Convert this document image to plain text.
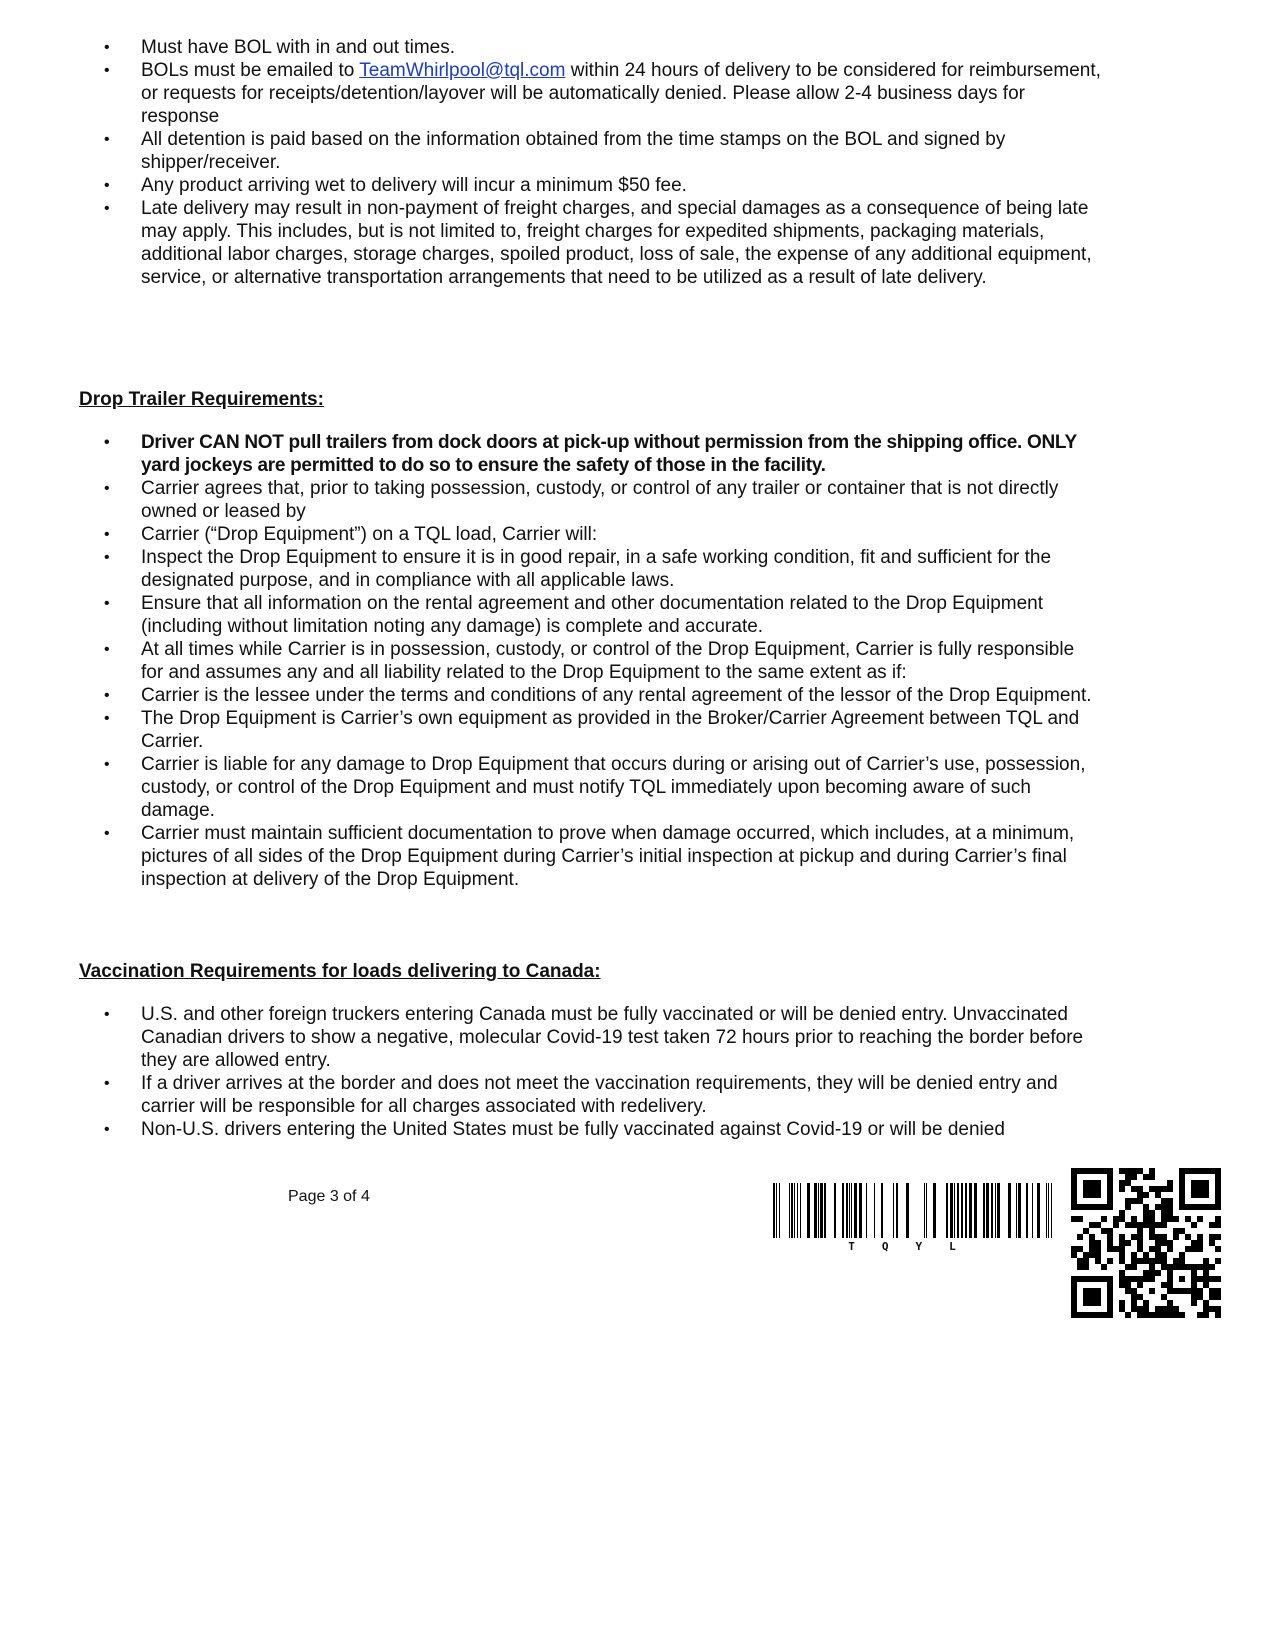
• Must have BOL with in and out times.
• BOLs must be emailed to TeamWhirlpool@tql.com within 24 hours of delivery to be considered for reimbursement, or requests for receipts/detention/layover will be automatically denied. Please allow 2-4 business days for response
• All detention is paid based on the information obtained from the time stamps on the BOL and signed by shipper/receiver.
• Any product arriving wet to delivery will incur a minimum $50 fee.
• Late delivery may result in non-payment of freight charges, and special damages as a consequence of being late may apply. This includes, but is not limited to, freight charges for expedited shipments, packaging materials, additional labor charges, storage charges, spoiled product, loss of sale, the expense of any additional equipment, service, or alternative transportation arrangements that need to be utilized as a result of late delivery.
Drop Trailer Requirements:
• Driver CAN NOT pull trailers from dock doors at pick-up without permission from the shipping office. ONLY yard jockeys are permitted to do so to ensure the safety of those in the facility.
• Carrier agrees that, prior to taking possession, custody, or control of any trailer or container that is not directly owned or leased by
• Carrier (“Drop Equipment”) on a TQL load, Carrier will:
• Inspect the Drop Equipment to ensure it is in good repair, in a safe working condition, fit and sufficient for the designated purpose, and in compliance with all applicable laws.
• Ensure that all information on the rental agreement and other documentation related to the Drop Equipment (including without limitation noting any damage) is complete and accurate.
• At all times while Carrier is in possession, custody, or control of the Drop Equipment, Carrier is fully responsible for and assumes any and all liability related to the Drop Equipment to the same extent as if:
• Carrier is the lessee under the terms and conditions of any rental agreement of the lessor of the Drop Equipment.
• The Drop Equipment is Carrier’s own equipment as provided in the Broker/Carrier Agreement between TQL and Carrier.
• Carrier is liable for any damage to Drop Equipment that occurs during or arising out of Carrier’s use, possession, custody, or control of the Drop Equipment and must notify TQL immediately upon becoming aware of such damage.
• Carrier must maintain sufficient documentation to prove when damage occurred, which includes, at a minimum, pictures of all sides of the Drop Equipment during Carrier’s initial inspection at pickup and during Carrier’s final inspection at delivery of the Drop Equipment.
Vaccination Requirements for loads delivering to Canada:
• U.S. and other foreign truckers entering Canada must be fully vaccinated or will be denied entry. Unvaccinated Canadian drivers to show a negative, molecular Covid-19 test taken 72 hours prior to reaching the border before they are allowed entry.
• If a driver arrives at the border and does not meet the vaccination requirements, they will be denied entry and carrier will be responsible for all charges associated with redelivery.
• Non-U.S. drivers entering the United States must be fully vaccinated against Covid-19 or will be denied
Page 3 of 4
TQYL
